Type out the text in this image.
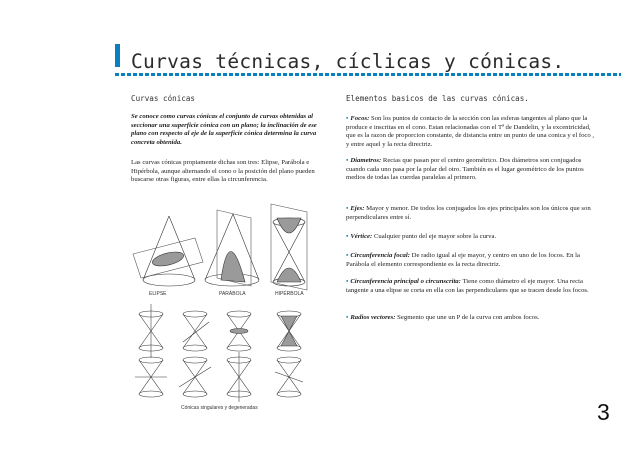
Curvas técnicas, cíclicas y cónicas.
Curvas cónicas

Se conoce como curvas cónicas el conjunto de curvas obtenidas al seccionar una superficie cónica con un plano; la inclinación de ese plano con respecto al eje de la superficie cónica determina la curva concreta obtenida.

Las curvas cónicas propiamente dichas son tres: Elipse, Parábola e Hipérbola, aunque alternando el cono o la posición del plano pueden buscarse otras figuras, entre ellas la circunferencia.

ELIPSE	PARÁBOLA	HIPÉRBOLA
Cónicas singulares y degeneradas
Elementos basicos de las curvas cónicas.

• Focos: Son los puntos de contacto de la sección con las esferas tangentes al plano que la produce e inscritas en el cono. Estan relacionadas con el Tª de Dandelin, y la excentricidad, que es la razon de proporcion constante, de distancia entre un punto de una conica y el foco , y entre aquel y la recta directriz.

• Diametros: Rectas que pasan por el centro geométrico. Dos diámetros son conjugados cuando cada uno pasa por la polar del otro. También es el lugar geométrico de los puntos medios de todas las cuerdas paralelas al primero.

• Ejes: Mayor y menor. De todos los conjugados los ejes principales son los únicos que son perpendiculares entre sí.

• Vértice: Cualquier punto del eje mayor sobre la curva.

• Circunferencia focal: De radio igual al eje mayor, y centro en uno de los focos. En la Parábola el elemento correspondiente es la recta directriz.

• Circunferencia principal o circunscrita: Tiene como diámetro el eje mayor. Una recta tangente a una elipse se corta en ella con las perpendiculares que se tracen desde los focos.

• Radios vectores: Segmento que une un P de la curva con ambos focos.

3
